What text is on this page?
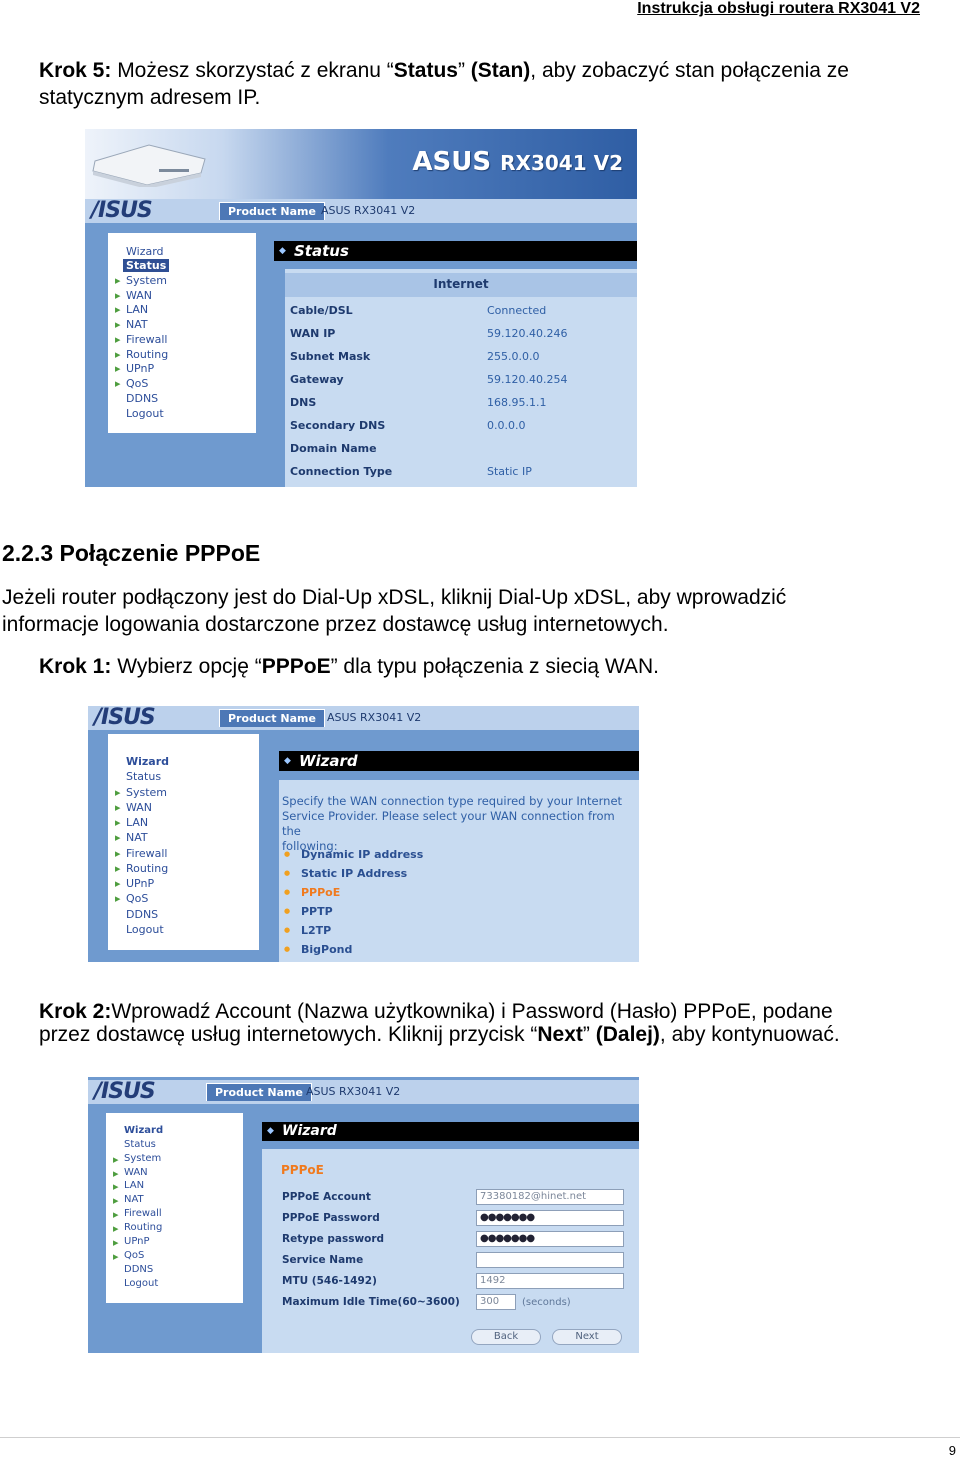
Instrukcja obsługi routera RX3041 V2
Krok 5: Możesz skorzystać z ekranu “Status” (Stan), aby zobaczyć stan połączenia ze
statycznym adresem IP.
ASUS RX3041 V2
/ISUS	Product Name ASUS RX3041 V2
Wizard
Status
▸ System
▸ WAN
▸ LAN
▸ NAT
▸ Firewall
▸ Routing
▸ UPnP
▸ QoS
DDNS
Logout
◆ Status
Internet
Cable/DSL	Connected
WAN IP	59.120.40.246
Subnet Mask	255.0.0.0
Gateway	59.120.40.254
DNS	168.95.1.1
Secondary DNS	0.0.0.0
Domain Name
Connection Type	Static IP
2.2.3 Połączenie PPPoE
Jeżeli router podłączony jest do Dial-Up xDSL, kliknij Dial-Up xDSL, aby wprowadzić
informacje logowania dostarczone przez dostawcę usług internetowych.
Krok 1: Wybierz opcję “PPPoE” dla typu połączenia z siecią WAN.
/ISUS	Product Name	ASUS RX3041 V2
Wizard
Status
▸ System
▸ WAN
▸ LAN
▸ NAT
▸ Firewall
▸ Routing
▸ UPnP
▸ QoS
DDNS
Logout
◆ Wizard
Specify the WAN connection type required by your Internet
Service Provider. Please select your WAN connection from the
following:
● Dynamic IP address
● Static IP Address
● PPPoE
● PPTP
● L2TP
● BigPond
Krok 2:Wprowadź Account (Nazwa użytkownika) i Password (Hasło) PPPoE, podane
przez dostawcę usług internetowych. Kliknij przycisk “Next” (Dalej), aby kontynuować.
/ISUS	Product Name ASUS RX3041 V2
Wizard
Status
▸ System
▸ WAN
▸ LAN
▸ NAT
▸ Firewall
▸ Routing
▸ UPnP
▸ QoS
DDNS
Logout
◆ Wizard
PPPoE
PPPoE Account	73380182@hinet.net
PPPoE Password	●●●●●●●
Retype password	●●●●●●●
Service Name
MTU (546-1492)	1492
Maximum Idle Time(60~3600)	300	(seconds)
Back	Next
9
